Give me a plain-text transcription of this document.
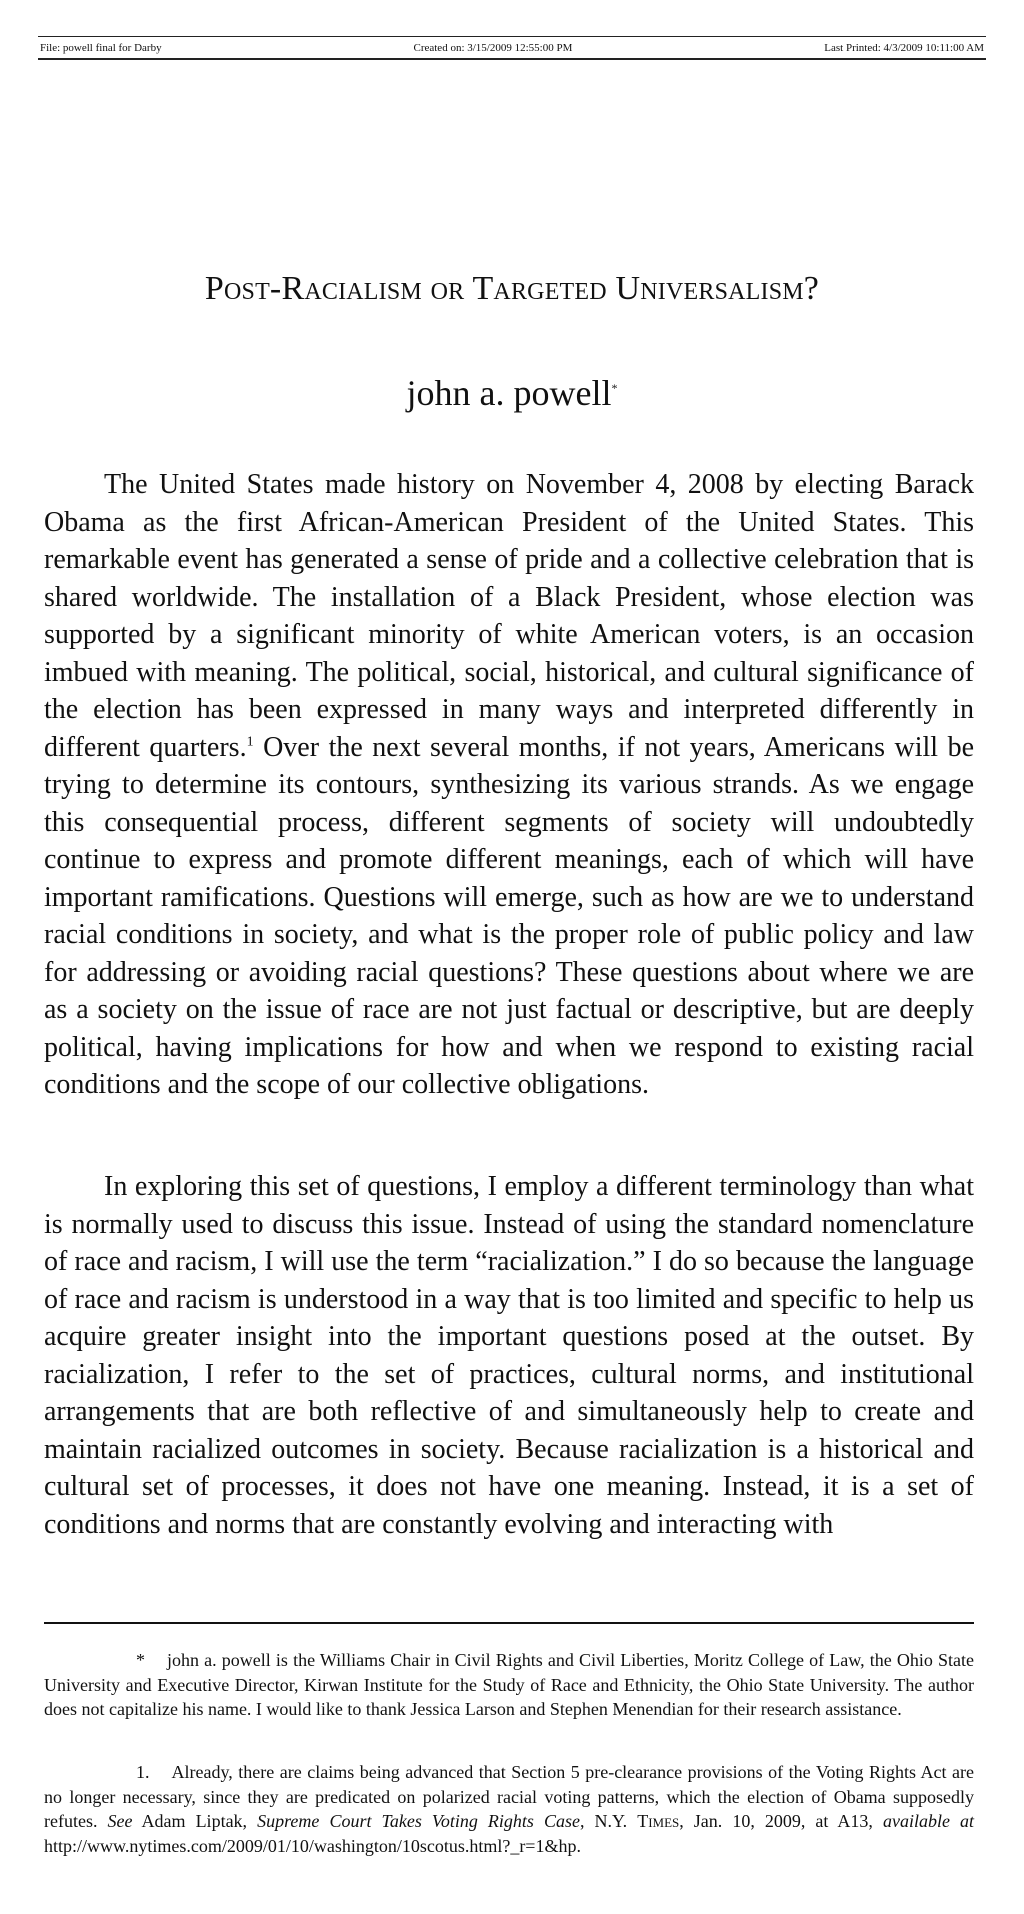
File: powell final for Darby	Created on: 3/15/2009 12:55:00 PM	Last Printed: 4/3/2009 10:11:00 AM
Post-Racialism or Targeted Universalism?
john a. powell*

The United States made history on November 4, 2008 by electing Barack Obama as the first African-American President of the United States. This remarkable event has generated a sense of pride and a collective celebration that is shared worldwide. The installation of a Black President, whose election was supported by a significant minority of white American voters, is an occasion imbued with meaning. The political, social, historical, and cultural significance of the election has been expressed in many ways and interpreted differently in different quarters.$^1$ Over the next several months, if not years, Americans will be trying to determine its contours, synthesizing its various strands. As we engage this consequential process, different segments of society will undoubtedly continue to express and promote different meanings, each of which will have important ramifications. Questions will emerge, such as how are we to understand racial conditions in society, and what is the proper role of public policy and law for addressing or avoiding racial questions? These questions about where we are as a society on the issue of race are not just factual or descriptive, but are deeply political, having implications for how and when we respond to existing racial conditions and the scope of our collective obligations.

In exploring this set of questions, I employ a different terminology than what is normally used to discuss this issue. Instead of using the standard nomenclature of race and racism, I will use the term “racialization.” I do so because the language of race and racism is understood in a way that is too limited and specific to help us acquire greater insight into the important questions posed at the outset. By racialization, I refer to the set of practices, cultural norms, and institutional arrangements that are both reflective of and simultaneously help to create and maintain racialized outcomes in society. Because racialization is a historical and cultural set of processes, it does not have one meaning. Instead, it is a set of conditions and norms that are constantly evolving and interacting with

* john a. powell is the Williams Chair in Civil Rights and Civil Liberties, Moritz College of Law, the Ohio State University and Executive Director, Kirwan Institute for the Study of Race and Ethnicity, the Ohio State University. The author does not capitalize his name. I would like to thank Jessica Larson and Stephen Menendian for their research assistance.

1. Already, there are claims being advanced that Section 5 pre-clearance provisions of the Voting Rights Act are no longer necessary, since they are predicated on polarized racial voting patterns, which the election of Obama supposedly refutes. See Adam Liptak, Supreme Court Takes Voting Rights Case, N.Y. Times, Jan. 10, 2009, at A13, available at http://www.nytimes.com/2009/01/10/washington/10scotus.html?_r=1&hp.
